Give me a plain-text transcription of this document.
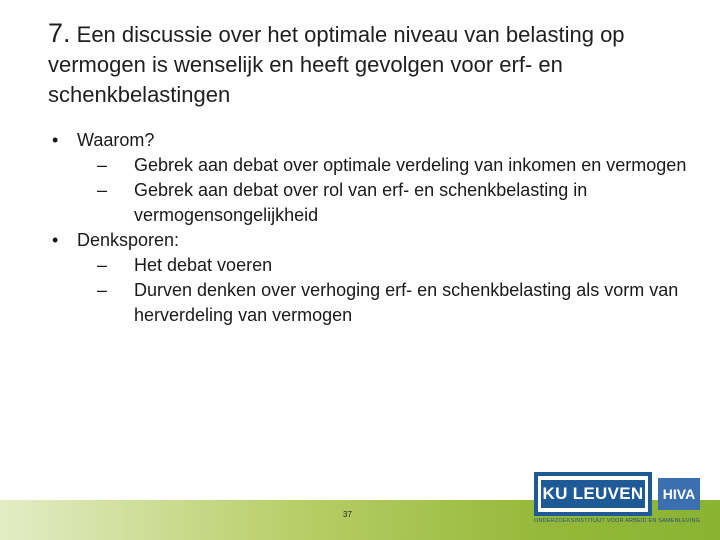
7. Een discussie over het optimale niveau van belasting op vermogen is wenselijk en heeft gevolgen voor erf- en schenkbelastingen
• Waarom?
– Gebrek aan debat over optimale verdeling van inkomen en vermogen
– Gebrek aan debat over rol van erf- en schenkbelasting in vermogensongelijkheid
• Denksporen:
– Het debat voeren
– Durven denken over verhoging erf- en schenkbelasting als vorm van herverdeling van vermogen
37
KU LEUVEN	HIVA
ONDERZOEKSINSTITUUT VOOR ARBEID EN SAMENLEVING
